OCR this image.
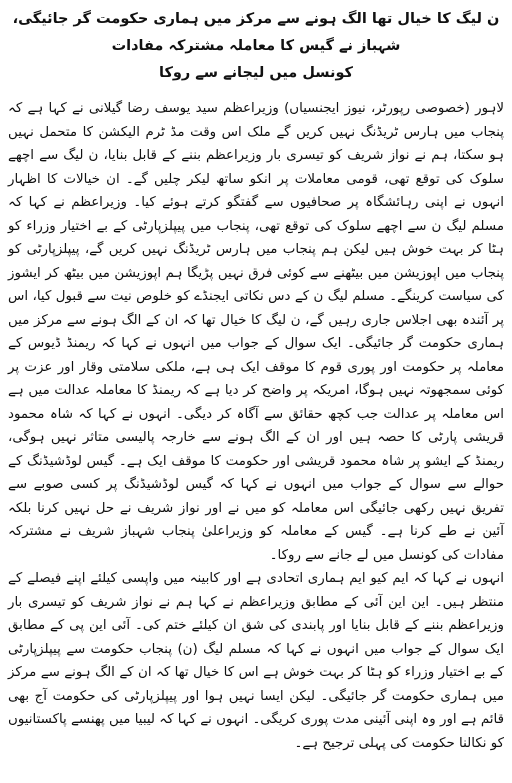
ن لیگ کا خیال تھا الگ ہونے سے مرکز میں ہماری حکومت گر جائیگی، شہباز نے گیس کا معاملہ مشترکہ مفادات
کونسل میں لیجانے سے روکا

لاہور (خصوصی رپورٹر، نیوز ایجنسیاں) وزیراعظم سید یوسف رضا گیلانی نے کہا ہے کہ پنجاب میں ہارس ٹریڈنگ نہیں کریں گے ملک اس وقت مڈ ٹرم الیکشن کا متحمل نہیں ہو سکتا، ہم نے نواز شریف کو تیسری بار وزیراعظم بننے کے قابل بنایا، ن لیگ سے اچھے سلوک کی توقع تھی، قومی معاملات پر انکو ساتھ لیکر چلیں گے۔ ان خیالات کا اظہار انہوں نے اپنی رہائشگاہ پر صحافیوں سے گفتگو کرتے ہوئے کیا۔ وزیراعظم نے کہا کہ مسلم لیگ ن سے اچھے سلوک کی توقع تھی، پنجاب میں پیپلزپارٹی کے بے اختیار وزراء کو ہٹا کر بہت خوش ہیں لیکن ہم پنجاب میں ہارس ٹریڈنگ نہیں کریں گے، پیپلزپارٹی کو پنجاب میں اپوزیشن میں بیٹھنے سے کوئی فرق نہیں پڑیگا ہم اپوزیشن میں بیٹھ کر ایشوز کی سیاست کرینگے۔ مسلم لیگ ن کے دس نکاتی ایجنڈے کو خلوص نیت سے قبول کیا، اس پر آئندہ بھی اجلاس جاری رہیں گے، ن لیگ کا خیال تھا کہ ان کے الگ ہونے سے مرکز میں ہماری حکومت گر جائیگی۔ ایک سوال کے جواب میں انہوں نے کہا کہ ریمنڈ ڈیوس کے معاملہ پر حکومت اور پوری قوم کا موقف ایک ہی ہے، ملکی سلامتی وقار اور عزت پر کوئی سمجھوتہ نہیں ہوگا، امریکہ پر واضح کر دیا ہے کہ ریمنڈ کا معاملہ عدالت میں ہے اس معاملہ پر عدالت جب کچھ حقائق سے آگاہ کر دیگی۔ انہوں نے کہا کہ شاہ محمود قریشی پارٹی کا حصہ ہیں اور ان کے الگ ہونے سے خارجہ پالیسی متاثر نہیں ہوگی، ریمنڈ کے ایشو پر شاہ محمود قریشی اور حکومت کا موقف ایک ہے۔ گیس لوڈشیڈنگ کے حوالے سے سوال کے جواب میں انہوں نے کہا کہ گیس لوڈشیڈنگ پر کسی صوبے سے تفریق نہیں رکھی جائیگی اس معاملہ کو میں نے اور نواز شریف نے حل نہیں کرنا بلکہ آئین نے طے کرنا ہے۔ گیس کے معاملہ کو وزیراعلیٰ پنجاب شہباز شریف نے مشترکہ مفادات کی کونسل میں لے جانے سے روکا۔

انہوں نے کہا کہ ایم کیو ایم ہماری اتحادی ہے اور کابینہ میں واپسی کیلئے اپنے فیصلے کے منتظر ہیں۔ این این آئی کے مطابق وزیراعظم نے کہا ہم نے نواز شریف کو تیسری بار وزیراعظم بننے کے قابل بنایا اور پابندی کی شق ان کیلئے ختم کی۔ آئی این پی کے مطابق ایک سوال کے جواب میں انہوں نے کہا کہ مسلم لیگ (ن) پنجاب حکومت سے پیپلزپارٹی کے بے اختیار وزراء کو ہٹا کر بہت خوش ہے اس کا خیال تھا کہ ان کے الگ ہونے سے مرکز میں ہماری حکومت گر جائیگی۔ لیکن ایسا نہیں ہوا اور پیپلزپارٹی کی حکومت آج بھی قائم ہے اور وہ اپنی آئینی مدت پوری کریگی۔ انہوں نے کہا کہ لیبیا میں پھنسے پاکستانیوں کو نکالنا حکومت کی پہلی ترجیح ہے۔
